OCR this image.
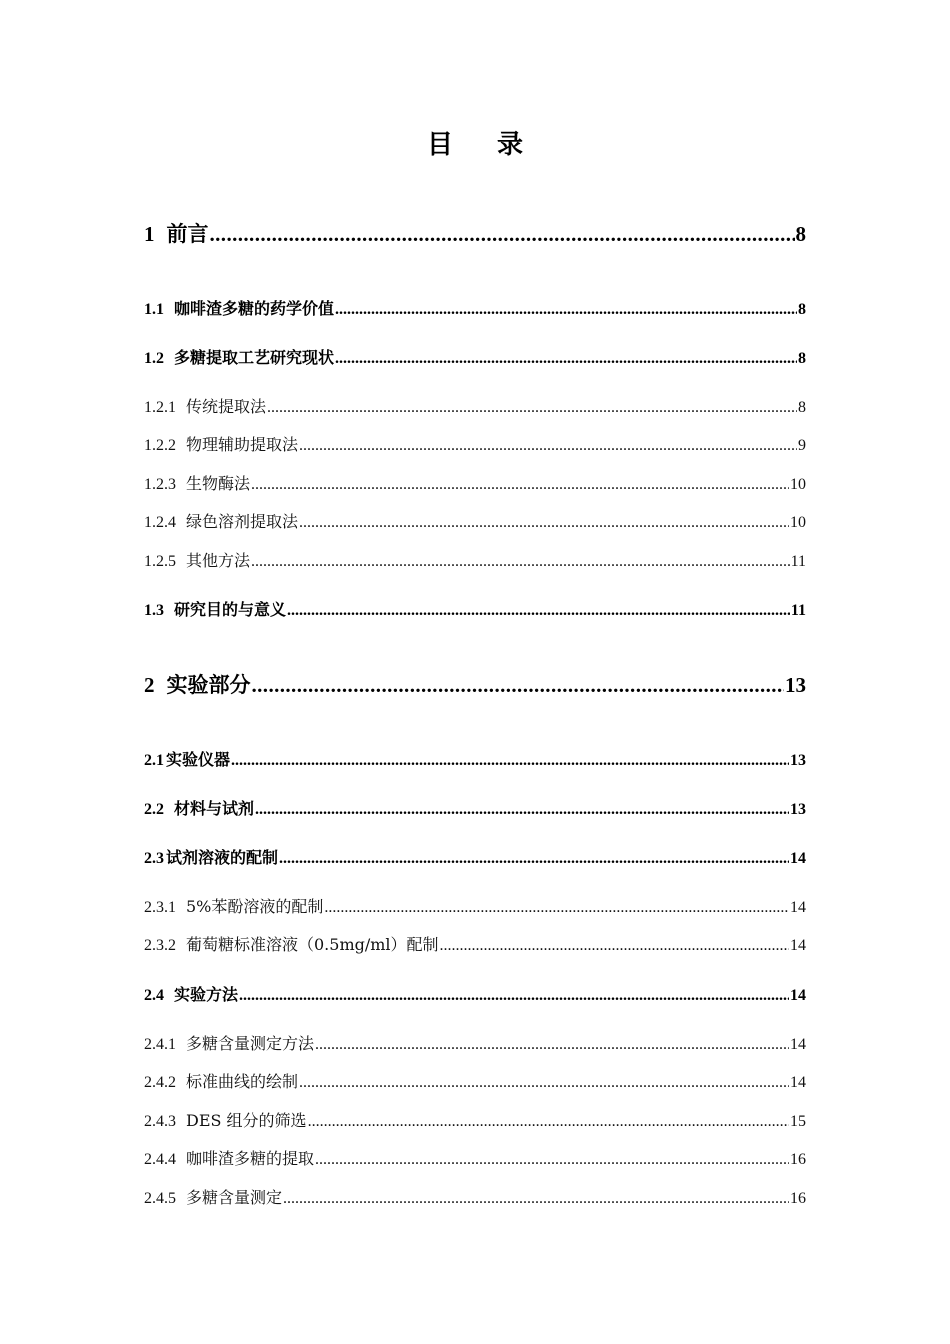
目录
1 前言 .....	8
1.1 咖啡渣多糖的药学价值 .....	8
1.2 多糖提取工艺研究现状 .....	8
1.2.1 传统提取法 .....	8
1.2.2 物理辅助提取法 .....	9
1.2.3 生物酶法 .....	10
1.2.4 绿色溶剂提取法 .....	10
1.2.5 其他方法 .....	11
1.3 研究目的与意义 .....	11
2 实验部分 .....	13
2.1 实验仪器 .....	13
2.2 材料与试剂 .....	13
2.3 试剂溶液的配制 .....	14
2.3.1 5%苯酚溶液的配制 .....	14
2.3.2 葡萄糖标准溶液（0.5mg/ml）配制 .....	14
2.4 实验方法 .....	14
2.4.1 多糖含量测定方法 .....	14
2.4.2 标准曲线的绘制 .....	14
2.4.3 DES 组分的筛选 .....	15
2.4.4 咖啡渣多糖的提取 .....	16
2.4.5 多糖含量测定 .....	16
